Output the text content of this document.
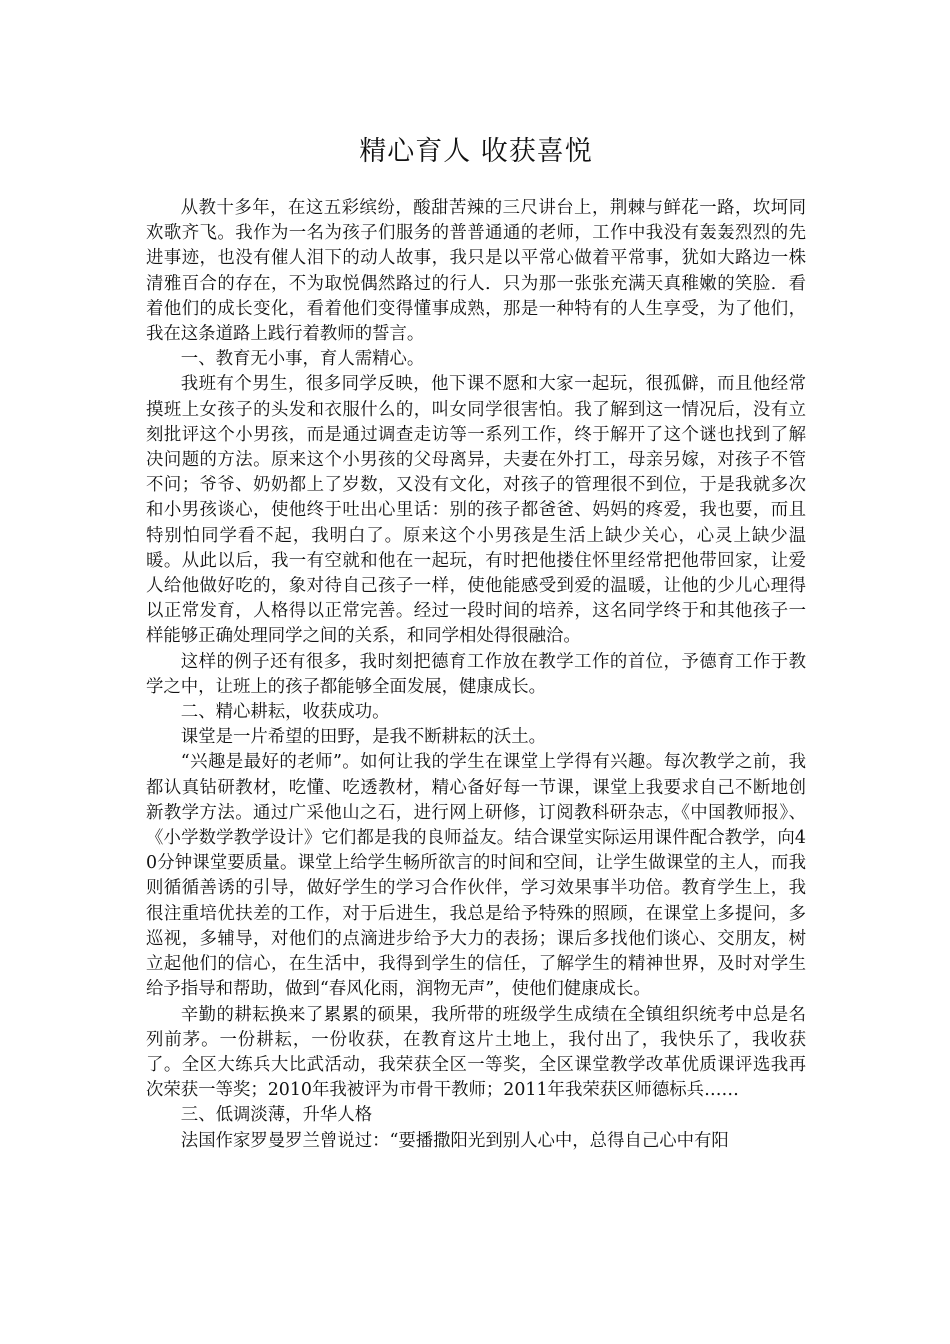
精心育人 收获喜悦

从教十多年，在这五彩缤纷，酸甜苦辣的三尺讲台上，荆棘与鲜花一路，坎坷同欢歌齐飞。我作为一名为孩子们服务的普普通通的老师，工作中我没有轰轰烈烈的先进事迹，也没有催人泪下的动人故事，我只是以平常心做着平常事，犹如大路边一株清雅百合的存在，不为取悦偶然路过的行人．只为那一张张充满天真稚嫩的笑脸．看着他们的成长变化，看着他们变得懂事成熟，那是一种特有的人生享受，为了他们，我在这条道路上践行着教师的誓言。

一、教育无小事，育人需精心。

我班有个男生，很多同学反映，他下课不愿和大家一起玩，很孤僻，而且他经常摸班上女孩子的头发和衣服什么的，叫女同学很害怕。我了解到这一情况后，没有立刻批评这个小男孩，而是通过调查走访等一系列工作，终于解开了这个谜也找到了解决问题的方法。原来这个小男孩的父母离异，夫妻在外打工，母亲另嫁，对孩子不管不问；爷爷、奶奶都上了岁数，又没有文化，对孩子的管理很不到位，于是我就多次和小男孩谈心，使他终于吐出心里话：别的孩子都爸爸、妈妈的疼爱，我也要，而且特别怕同学看不起，我明白了。原来这个小男孩是生活上缺少关心，心灵上缺少温暖。从此以后，我一有空就和他在一起玩，有时把他搂住怀里经常把他带回家，让爱人给他做好吃的，象对待自己孩子一样，使他能感受到爱的温暖，让他的少儿心理得以正常发育，人格得以正常完善。经过一段时间的培养，这名同学终于和其他孩子一样能够正确处理同学之间的关系，和同学相处得很融洽。

这样的例子还有很多，我时刻把德育工作放在教学工作的首位，予德育工作于教学之中，让班上的孩子都能够全面发展，健康成长。

二、精心耕耘，收获成功。

课堂是一片希望的田野，是我不断耕耘的沃土。

“兴趣是最好的老师”。如何让我的学生在课堂上学得有兴趣。每次教学之前，我都认真钻研教材，吃懂、吃透教材，精心备好每一节课，课堂上我要求自己不断地创新教学方法。通过广采他山之石，进行网上研修，订阅教科研杂志，《中国教师报》、《小学数学教学设计》它们都是我的良师益友。结合课堂实际运用课件配合教学，向40分钟课堂要质量。课堂上给学生畅所欲言的时间和空间，让学生做课堂的主人，而我则循循善诱的引导，做好学生的学习合作伙伴，学习效果事半功倍。教育学生上，我很注重培优扶差的工作，对于后进生，我总是给予特殊的照顾，在课堂上多提问，多巡视，多辅导，对他们的点滴进步给予大力的表扬；课后多找他们谈心、交朋友，树立起他们的信心，在生活中，我得到学生的信任，了解学生的精神世界，及时对学生给予指导和帮助，做到“春风化雨，润物无声”，使他们健康成长。

辛勤的耕耘换来了累累的硕果，我所带的班级学生成绩在全镇组织统考中总是名列前茅。一份耕耘，一份收获，在教育这片土地上，我付出了，我快乐了，我收获了。全区大练兵大比武活动，我荣获全区一等奖，全区课堂教学改革优质课评选我再次荣获一等奖；2010年我被评为市骨干教师；2011年我荣获区师德标兵……

三、低调淡薄，升华人格

法国作家罗曼罗兰曾说过：“要播撒阳光到别人心中，总得自己心中有阳
